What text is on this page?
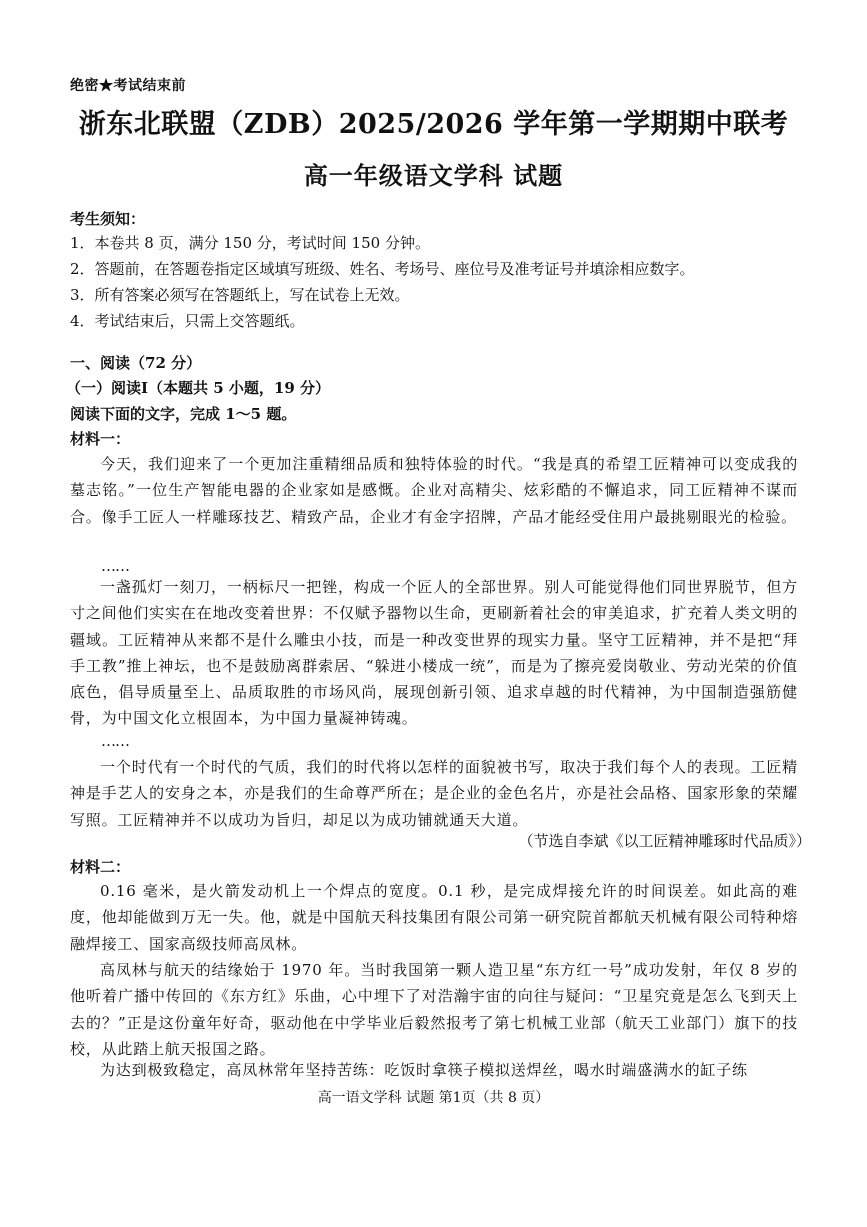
绝密★考试结束前
浙东北联盟（ZDB）2025/2026 学年第一学期期中联考
高一年级语文学科 试题
考生须知：
1．本卷共 8 页，满分 150 分，考试时间 150 分钟。
2．答题前，在答题卷指定区域填写班级、姓名、考场号、座位号及准考证号并填涂相应数字。
3．所有答案必须写在答题纸上，写在试卷上无效。
4．考试结束后，只需上交答题纸。
一、阅读（72 分）
（一）阅读Ⅰ（本题共 5 小题，19 分）
阅读下面的文字，完成 1～5 题。
材料一：

今天，我们迎来了一个更加注重精细品质和独特体验的时代。“我是真的希望工匠精神可以变成我的墓志铭。”一位生产智能电器的企业家如是感慨。企业对高精尖、炫彩酷的不懈追求，同工匠精神不谋而合。像手工匠人一样雕琢技艺、精致产品，企业才有金字招牌，产品才能经受住用户最挑剔眼光的检验。

……

一盏孤灯一刻刀，一柄标尺一把锉，构成一个匠人的全部世界。别人可能觉得他们同世界脱节，但方寸之间他们实实在在地改变着世界：不仅赋予器物以生命，更刷新着社会的审美追求，扩充着人类文明的疆域。工匠精神从来都不是什么雕虫小技，而是一种改变世界的现实力量。坚守工匠精神，并不是把“拜手工教”推上神坛，也不是鼓励离群索居、“躲进小楼成一统”，而是为了擦亮爱岗敬业、劳动光荣的价值底色，倡导质量至上、品质取胜的市场风尚，展现创新引领、追求卓越的时代精神，为中国制造强筋健骨，为中国文化立根固本，为中国力量凝神铸魂。

……

一个时代有一个时代的气质，我们的时代将以怎样的面貌被书写，取决于我们每个人的表现。工匠精神是手艺人的安身之本，亦是我们的生命尊严所在；是企业的金色名片，亦是社会品格、国家形象的荣耀写照。工匠精神并不以成功为旨归，却足以为成功铺就通天大道。

（节选自李斌《以工匠精神雕琢时代品质》）
材料二：

0.16 毫米，是火箭发动机上一个焊点的宽度。0.1 秒，是完成焊接允许的时间误差。如此高的难度，他却能做到万无一失。他，就是中国航天科技集团有限公司第一研究院首都航天机械有限公司特种熔融焊接工、国家高级技师高凤林。

高凤林与航天的结缘始于 1970 年。当时我国第一颗人造卫星“东方红一号”成功发射，年仅 8 岁的他听着广播中传回的《东方红》乐曲，心中埋下了对浩瀚宇宙的向往与疑问：“卫星究竟是怎么飞到天上去的？”正是这份童年好奇，驱动他在中学毕业后毅然报考了第七机械工业部（航天工业部门）旗下的技校，从此踏上航天报国之路。

为达到极致稳定，高凤林常年坚持苦练：吃饭时拿筷子模拟送焊丝，喝水时端盛满水的缸子练

高一语文学科 试题 第1页（共 8 页）
